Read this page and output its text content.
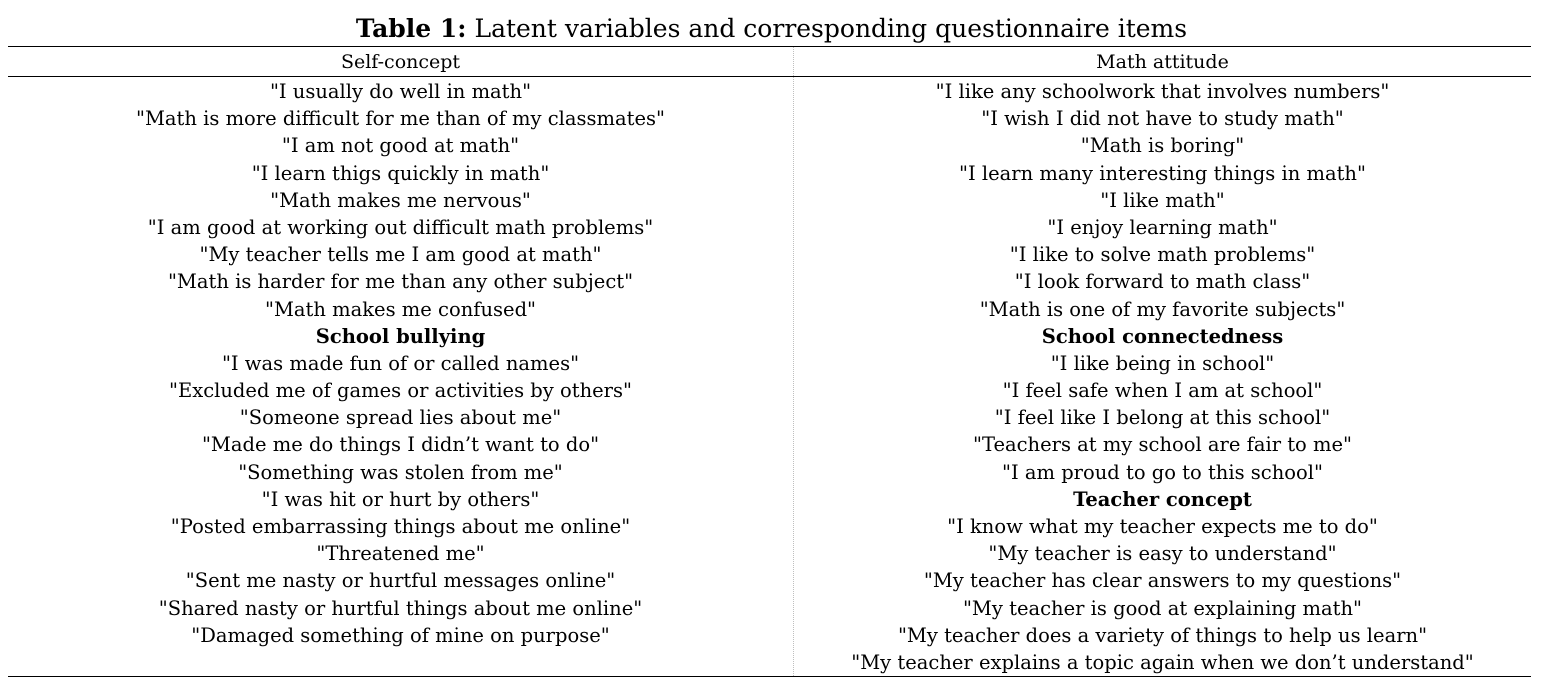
Table 1: Latent variables and corresponding questionnaire items
Self-concept	Math attitude
"I usually do well in math"
"Math is more difficult for me than of my classmates"
"I am not good at math"
"I learn thigs quickly in math"
"Math makes me nervous"
"I am good at working out difficult math problems"
"My teacher tells me I am good at math"
"Math is harder for me than any other subject"
"Math makes me confused"
School bullying
"I was made fun of or called names"
"Excluded me of games or activities by others"
"Someone spread lies about me"
"Made me do things I didn’t want to do"
"Something was stolen from me"
"I was hit or hurt by others"
"Posted embarrassing things about me online"
"Threatened me"
"Sent me nasty or hurtful messages online"
"Shared nasty or hurtful things about me online"
"Damaged something of mine on purpose"
"I like any schoolwork that involves numbers"
"I wish I did not have to study math"
"Math is boring"
"I learn many interesting things in math"
"I like math"
"I enjoy learning math"
"I like to solve math problems"
"I look forward to math class"
"Math is one of my favorite subjects"
School connectedness
"I like being in school"
"I feel safe when I am at school"
"I feel like I belong at this school"
"Teachers at my school are fair to me"
"I am proud to go to this school"
Teacher concept
"I know what my teacher expects me to do"
"My teacher is easy to understand"
"My teacher has clear answers to my questions"
"My teacher is good at explaining math"
"My teacher does a variety of things to help us learn"
"My teacher explains a topic again when we don’t understand"
